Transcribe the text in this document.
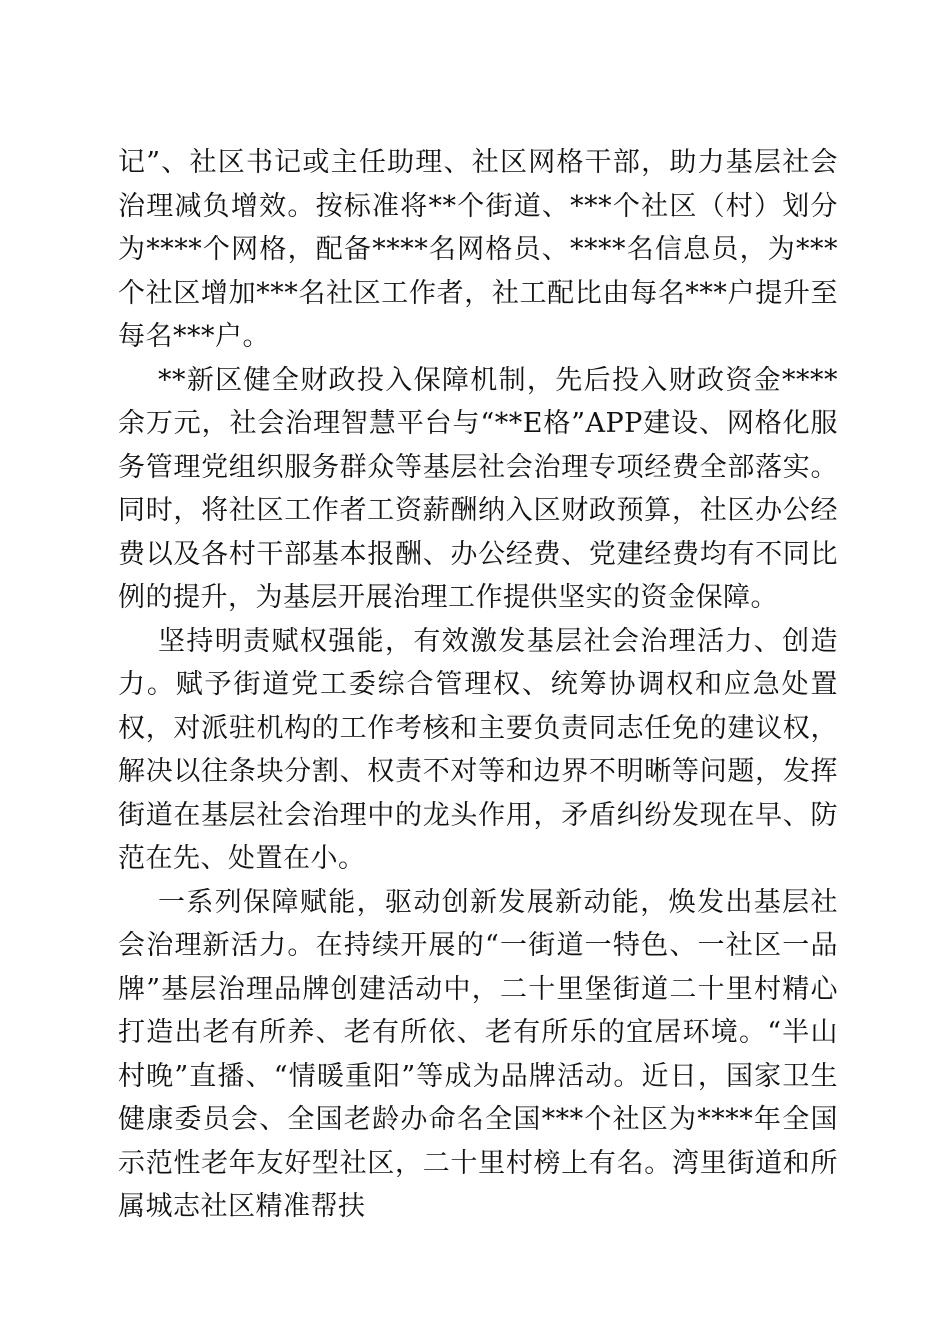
记”、社区书记或主任助理、社区网格干部，助力基层社会治理减负增效。按标准将**个街道、***个社区（村）划分为****个网格，配备****名网格员、****名信息员，为***个社区增加***名社区工作者，社工配比由每名***户提升至每名***户。

**新区健全财政投入保障机制，先后投入财政资金****余万元，社会治理智慧平台与“**E格”APP建设、网格化服务管理党组织服务群众等基层社会治理专项经费全部落实。同时，将社区工作者工资薪酬纳入区财政预算，社区办公经费以及各村干部基本报酬、办公经费、党建经费均有不同比例的提升，为基层开展治理工作提供坚实的资金保障。

坚持明责赋权强能，有效激发基层社会治理活力、创造力。赋予街道党工委综合管理权、统筹协调权和应急处置权，对派驻机构的工作考核和主要负责同志任免的建议权，解决以往条块分割、权责不对等和边界不明晰等问题，发挥街道在基层社会治理中的龙头作用，矛盾纠纷发现在早、防范在先、处置在小。

一系列保障赋能，驱动创新发展新动能，焕发出基层社会治理新活力。在持续开展的“一街道一特色、一社区一品牌”基层治理品牌创建活动中，二十里堡街道二十里村精心打造出老有所养、老有所依、老有所乐的宜居环境。“半山村晚”直播、“情暖重阳”等成为品牌活动。近日，国家卫生健康委员会、全国老龄办命名全国***个社区为****年全国示范性老年友好型社区，二十里村榜上有名。湾里街道和所属城志社区精准帮扶
